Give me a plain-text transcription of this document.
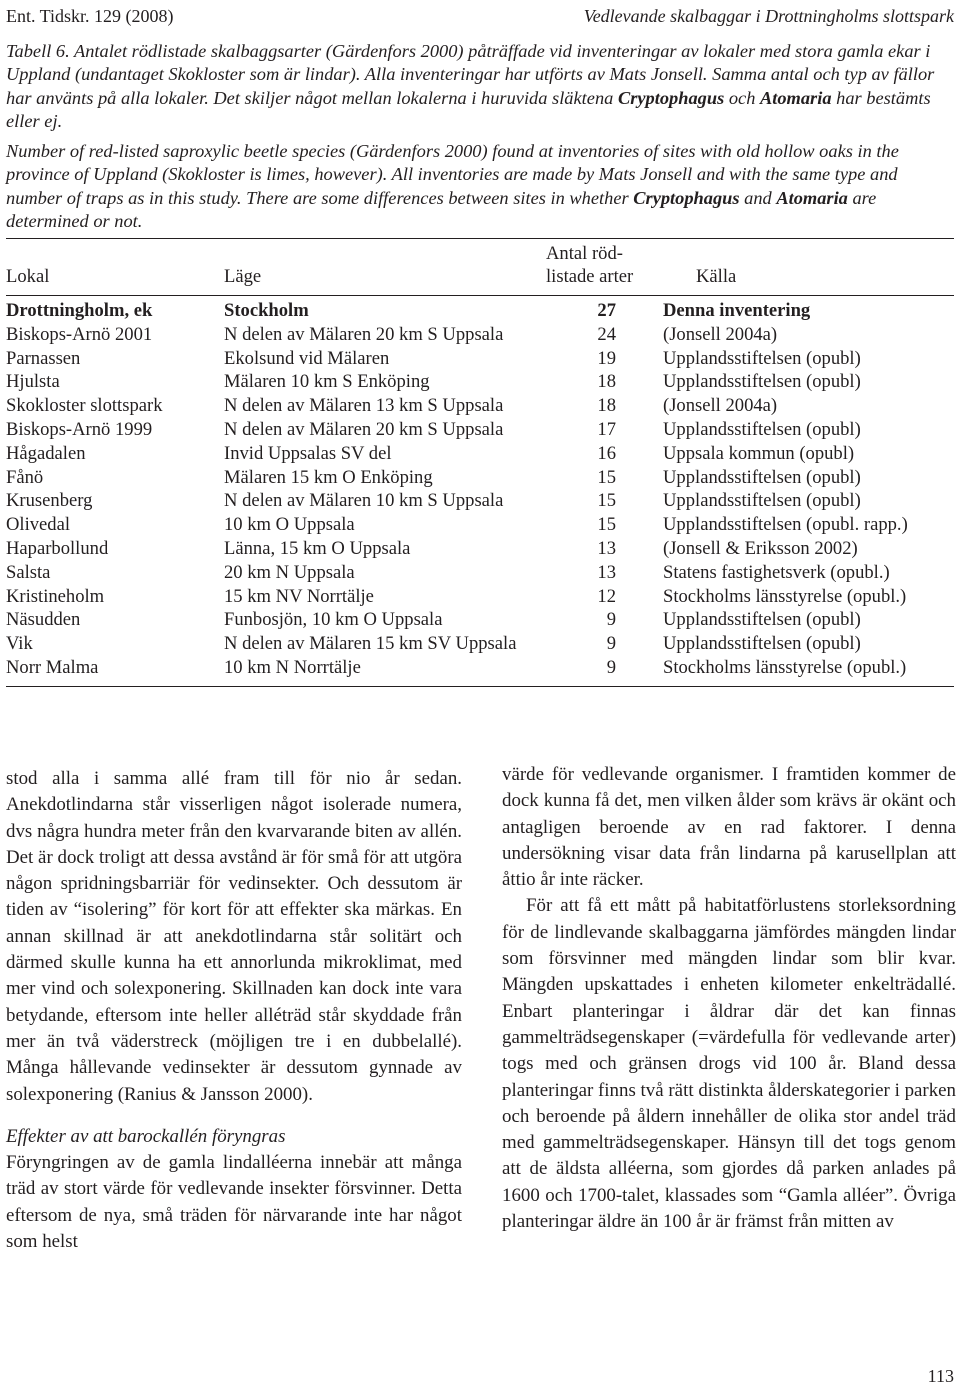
Ent. Tidskr. 129 (2008)	Vedlevande skalbaggar i Drottningholms slottspark
Tabell 6. Antalet rödlistade skalbaggsarter (Gärdenfors 2000) påträffade vid inventeringar av lokaler med stora gamla ekar i Uppland (undantaget Skokloster som är lindar). Alla inventeringar har utförts av Mats Jonsell. Samma antal och typ av fällor har använts på alla lokaler. Det skiljer något mellan lokalerna i huruvida släktena Cryptophagus och Atomaria har bestämts eller ej.
Number of red-listed saproxylic beetle species (Gärdenfors 2000) found at inventories of sites with old hollow oaks in the province of Uppland (Skokloster is limes, however). All inventories are made by Mats Jonsell and with the same type and number of traps as in this study. There are some differences between sites in whether Cryptophagus and Atomaria are determined or not.
Lokal	Läge
Antal röd-
listade arter	Källa
Drottningholm, ek	Stockholm	27	Denna inventering
Biskops-Arnö 2001	N delen av Mälaren 20 km S Uppsala	24	(Jonsell 2004a)
Parnassen	Ekolsund vid Mälaren	19	Upplandsstiftelsen (opubl)
Hjulsta	Mälaren 10 km S Enköping	18	Upplandsstiftelsen (opubl)
Skokloster slottspark	N delen av Mälaren 13 km S Uppsala	18	(Jonsell 2004a)
Biskops-Arnö 1999	N delen av Mälaren 20 km S Uppsala	17	Upplandsstiftelsen (opubl)
Hågadalen	Invid Uppsalas SV del	16	Uppsala kommun (opubl)
Fånö	Mälaren 15 km O Enköping	15	Upplandsstiftelsen (opubl)
Krusenberg	N delen av Mälaren 10 km S Uppsala	15	Upplandsstiftelsen (opubl)
Olivedal	10 km O Uppsala	15	Upplandsstiftelsen (opubl. rapp.)
Haparbollund	Länna, 15 km O Uppsala	13	(Jonsell & Eriksson 2002)
Salsta	20 km N Uppsala	13	Statens fastighetsverk (opubl.)
Kristineholm	15 km NV Norrtälje	12	Stockholms länsstyrelse (opubl.)
Näsudden	Funbosjön, 10 km O Uppsala	9	Upplandsstiftelsen (opubl)
Vik	N delen av Mälaren 15 km SV Uppsala	9	Upplandsstiftelsen (opubl)
Norr Malma	10 km N Norrtälje	9	Stockholms länsstyrelse (opubl.)

stod alla i samma allé fram till för nio år sedan. Anekdotlindarna står visserligen något isolerade numera, dvs några hundra meter från den kvarvarande biten av allén. Det är dock troligt att dessa avstånd är för små för att utgöra någon spridningsbarriär för vedinsekter. Och dessutom är tiden av “isolering” för kort för att effekter ska märkas. En annan skillnad är att anekdotlindarna står solitärt och därmed skulle kunna ha ett annorlunda mikroklimat, med mer vind och solexponering. Skillnaden kan dock inte vara betydande, eftersom inte heller alléträd står skyddade från mer än två väderstreck (möjligen tre i en dubbelallé). Många hållevande vedinsekter är dessutom gynnade av solexponering (Ranius & Jansson 2000).

Effekter av att barockallén föryngras

Föryngringen av de gamla lindalléerna innebär att många träd av stort värde för vedlevande insekter försvinner. Detta eftersom de nya, små träden för närvarande inte har något som helst

värde för vedlevande organismer. I framtiden kommer de dock kunna få det, men vilken ålder som krävs är okänt och antagligen beroende av en rad faktorer. I denna undersökning visar data från lindarna på karusellplan att åttio år inte räcker.

För att få ett mått på habitatförlustens storleksordning för de lindlevande skalbaggarna jämfördes mängden lindar som försvinner med mängden lindar som blir kvar. Mängden upskattades i enheten kilometer enkelträdallé. Enbart planteringar i åldrar där det kan finnas gammelträdsegenskaper (=värdefulla för vedlevande arter) togs med och gränsen drogs vid 100 år. Bland dessa planteringar finns två rätt distinkta ålderskategorier i parken och beroende på åldern innehåller de olika stor andel träd med gammelträdsegenskaper. Hänsyn till det togs genom att de äldsta alléerna, som gjordes då parken anlades på 1600 och 1700-talet, klassades som “Gamla alléer”. Övriga planteringar äldre än 100 år är främst från mitten av

113
